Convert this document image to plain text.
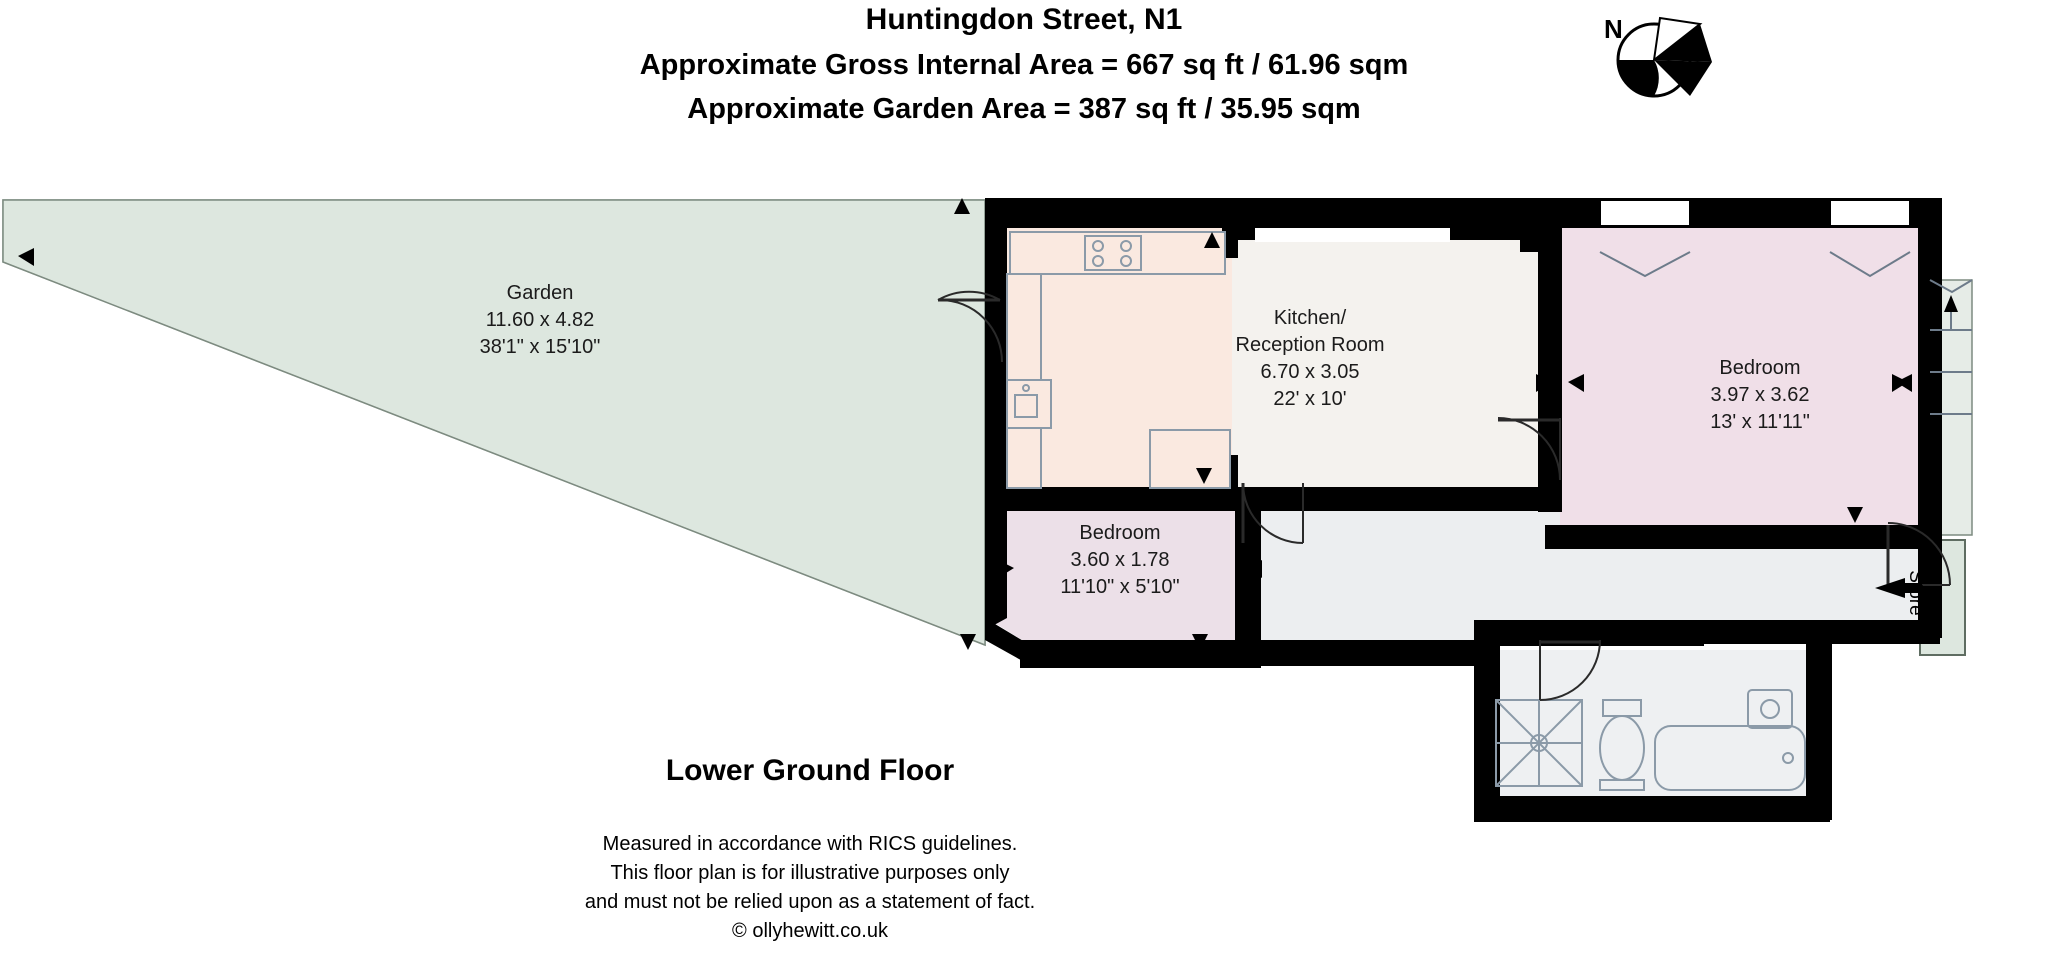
Huntingdon Street, N1
Approximate Gross Internal Area = 667 sq ft / 61.96 sqm
Approximate Garden Area = 387 sq ft / 35.95 sqm
Garden
11.60 x 4.82
38'1" x 15'10"
Kitchen/
Reception Room
6.70 x 3.05
22' x 10'
Bedroom
3.97 x 3.62
13' x 11'11"
Bedroom
3.60 x 1.78
11'10" x 5'10"	Store
Lower Ground Floor
Measured in accordance with RICS guidelines.
This floor plan is for illustrative purposes only
and must not be relied upon as a statement of fact.
© ollyhewitt.co.uk
N
